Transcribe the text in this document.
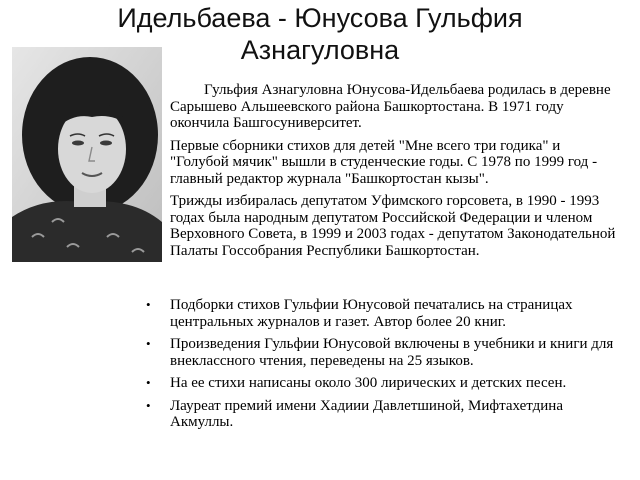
Идельбаева - Юнусова Гульфия
Азнагуловна

Гульфия Азнагуловна Юнусова-Идельбаева родилась в деревне Сарышево Альшеевского района Башкортостана. В 1971 году окончила Башгосуниверситет.

Первые сборники стихов для детей "Мне всего три годика" и "Голубой мячик" вышли в студенческие годы. С 1978 по 1999 год - главный редактор журнала "Башкортостан кызы".

Трижды избиралась депутатом Уфимского горсовета, в 1990 - 1993 годах была народным депутатом Российской Федерации и членом Верховного Совета, в 1999 и 2003 годах - депутатом Законодательной Палаты Госсобрания Республики Башкортостан.

• Подборки стихов Гульфии Юнусовой печатались на страницах центральных журналов и газет. Автор более 20 книг.
• Произведения Гульфии Юнусовой включены в учебники и книги для внеклассного чтения, переведены на 25 языков.
• На ее стихи написаны около 300 лирических и детских песен.
• Лауреат премий имени Хадиии Давлетшиной, Мифтахетдина Акмуллы.
